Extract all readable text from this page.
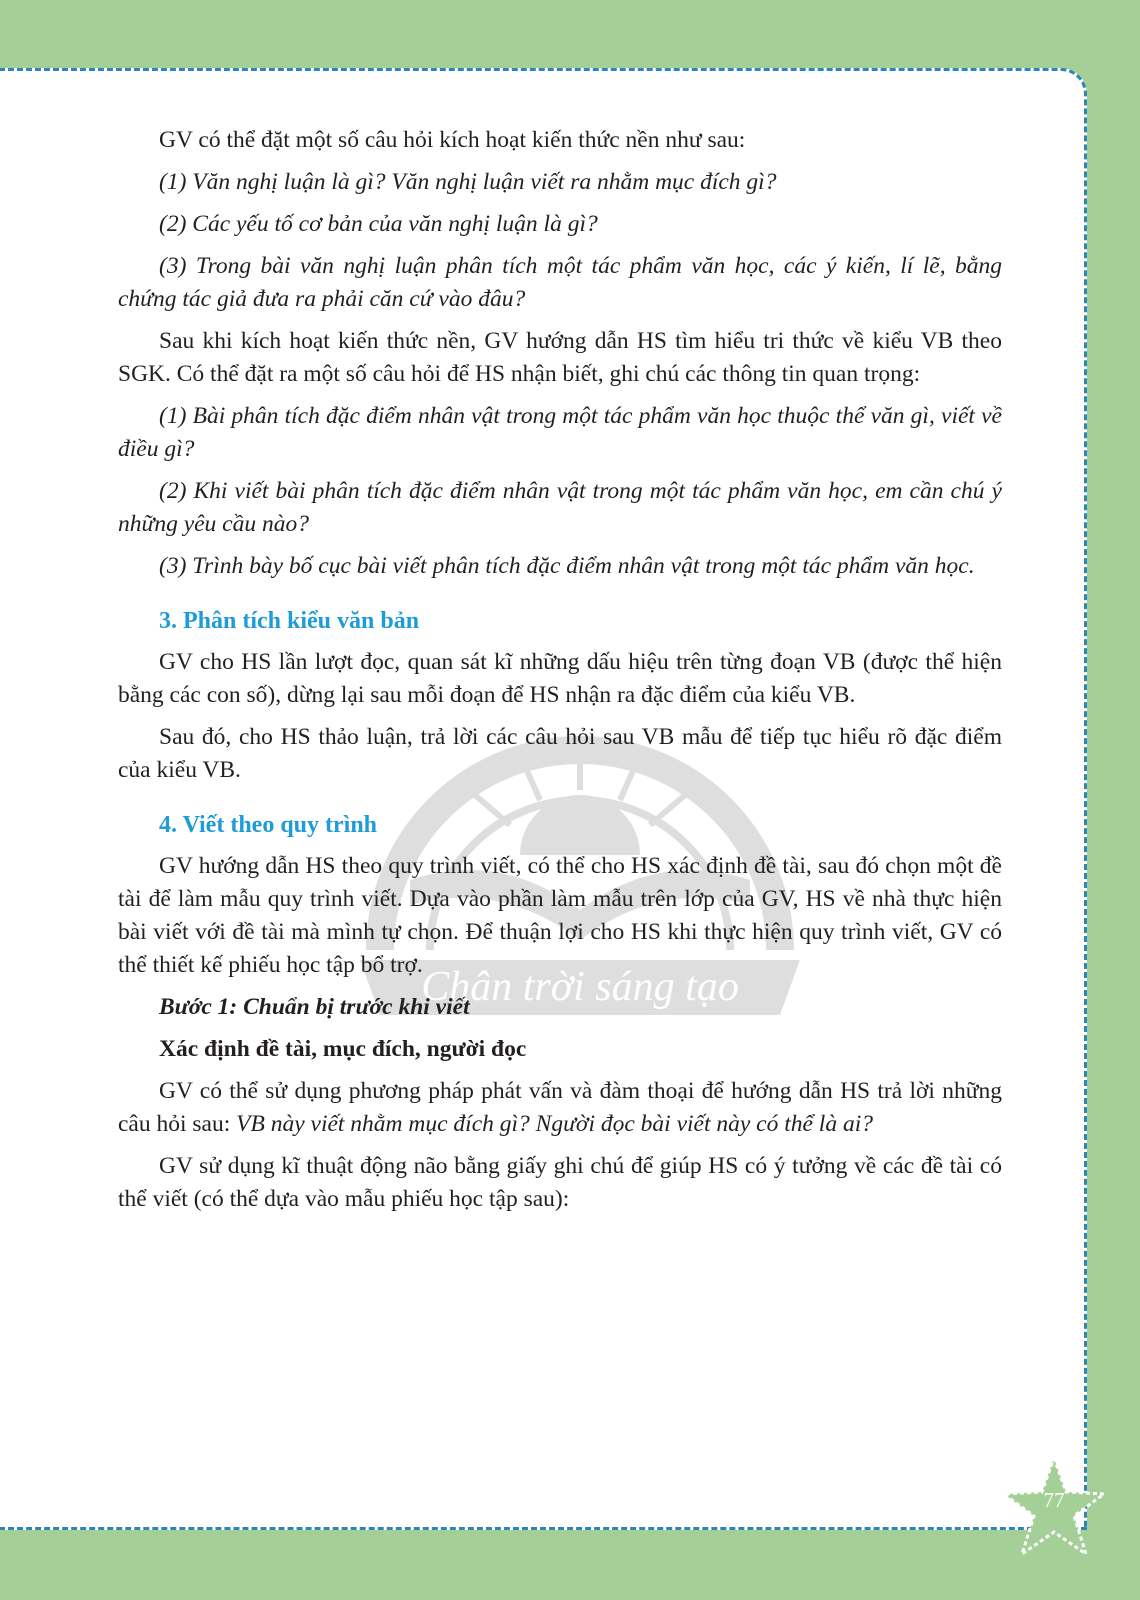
Chân trời sáng tạo

GV có thể đặt một số câu hỏi kích hoạt kiến thức nền như sau:

(1) Văn nghị luận là gì? Văn nghị luận viết ra nhằm mục đích gì?

(2) Các yếu tố cơ bản của văn nghị luận là gì?

(3) Trong bài văn nghị luận phân tích một tác phẩm văn học, các ý kiến, lí lẽ, bằng chứng tác giả đưa ra phải căn cứ vào đâu?

Sau khi kích hoạt kiến thức nền, GV hướng dẫn HS tìm hiểu tri thức về kiểu VB theo SGK. Có thể đặt ra một số câu hỏi để HS nhận biết, ghi chú các thông tin quan trọng:

(1) Bài phân tích đặc điểm nhân vật trong một tác phẩm văn học thuộc thể văn gì, viết về điều gì?

(2) Khi viết bài phân tích đặc điểm nhân vật trong một tác phẩm văn học, em cần chú ý những yêu cầu nào?

(3) Trình bày bố cục bài viết phân tích đặc điểm nhân vật trong một tác phẩm văn học.

3. Phân tích kiểu văn bản

GV cho HS lần lượt đọc, quan sát kĩ những dấu hiệu trên từng đoạn VB (được thể hiện bằng các con số), dừng lại sau mỗi đoạn để HS nhận ra đặc điểm của kiểu VB.

Sau đó, cho HS thảo luận, trả lời các câu hỏi sau VB mẫu để tiếp tục hiểu rõ đặc điểm của kiểu VB.

4. Viết theo quy trình

GV hướng dẫn HS theo quy trình viết, có thể cho HS xác định đề tài, sau đó chọn một đề tài để làm mẫu quy trình viết. Dựa vào phần làm mẫu trên lớp của GV, HS về nhà thực hiện bài viết với đề tài mà mình tự chọn. Để thuận lợi cho HS khi thực hiện quy trình viết, GV có thể thiết kế phiếu học tập bổ trợ.

Bước 1: Chuẩn bị trước khi viết
Xác định đề tài, mục đích, người đọc

GV có thể sử dụng phương pháp phát vấn và đàm thoại để hướng dẫn HS trả lời những câu hỏi sau: VB này viết nhằm mục đích gì? Người đọc bài viết này có thể là ai?

GV sử dụng kĩ thuật động não bằng giấy ghi chú để giúp HS có ý tưởng về các đề tài có thể viết (có thể dựa vào mẫu phiếu học tập sau):

77
